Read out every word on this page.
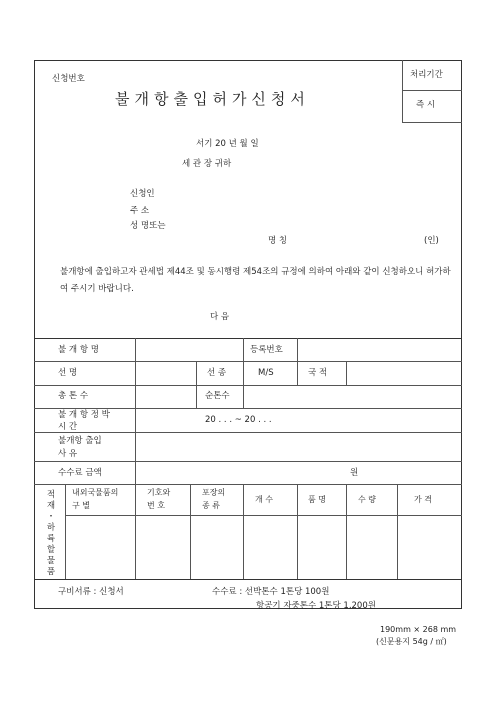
신청번호
불개항출입허가신청서
처리기간
즉 시
서기 20 년 월 일
세 관 장 귀하
신청인
주 소
성 명또는
명 칭	(인)
불개항에 출입하고자 관세법 제44조 및 동시행령 제54조의 규정에 의하여 아래와 같이 신청하오니 허가하여 주시기 바랍니다.
다 음
불 개 항 명	등록번호
선 명	선 종	M/S	국 적
총 톤 수	순톤수
불 개 항 정 박
시 간
20 . . . ~ 20 . . .
불개항 출입
사 유
수수료 금액	원
적재 ・ 하륙할물품
내외국물품의
구 별
기호와
번 호
포장의
종 류
개 수	품 명	수 량	가 격
구비서류 : 신청서	수수료 : 선박톤수 1톤당 100원
항공기 자중톤수 1톤당 1,200원
190mm × 268 mm
(신문용지 54g / ㎡)
